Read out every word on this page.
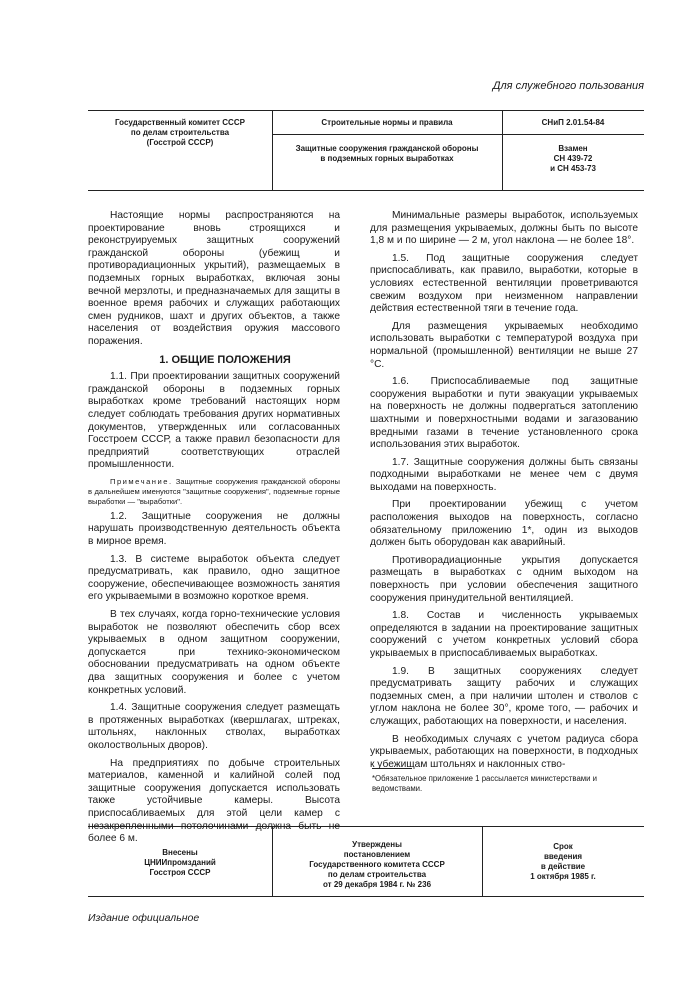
Для служебного пользования
Государственный комитет СССР
по делам строительства
(Госстрой СССР)
Строительные нормы и правила	СНиП 2.01.54-84
Защитные сооружения гражданской обороны
в подземных горных выработках
Взамен
СН 439-72
и СН 453-73

Настоящие нормы распространяются на проектирование вновь строящихся и реконструируемых защитных сооружений гражданской обороны (убежищ и противорадиационных укрытий), размещаемых в подземных горных выработках, включая зоны вечной мерзлоты, и предназначаемых для защиты в военное время рабочих и служащих работающих смен рудников, шахт и других объектов, а также населения от воздействия оружия массового поражения.

1. ОБЩИЕ ПОЛОЖЕНИЯ

1.1. При проектировании защитных сооружений гражданской обороны в подземных горных выработках кроме требований настоящих норм следует соблюдать требования других нормативных документов, утвержденных или согласованных Госстроем СССР, а также правил безопасности для предприятий соответствующих отраслей промышленности.

Примечание. Защитные сооружения гражданской обороны в дальнейшем именуются "защитные сооружения", подземные горные выработки — "выработки".

1.2. Защитные сооружения не должны нарушать производственную деятельность объекта в мирное время.

1.3. В системе выработок объекта следует предусматривать, как правило, одно защитное сооружение, обеспечивающее возможность занятия его укрываемыми в возможно короткое время.

В тех случаях, когда горно-технические условия выработок не позволяют обеспечить сбор всех укрываемых в одном защитном сооружении, допускается при технико-экономическом обосновании предусматривать на одном объекте два защитных сооружения и более с учетом конкретных условий.

1.4. Защитные сооружения следует размещать в протяженных выработках (квершлагах, штреках, штольнях, наклонных стволах, выработках околоствольных дворов).

На предприятиях по добыче строительных материалов, каменной и калийной солей под защитные сооружения допускается использовать также устойчивые камеры. Высота приспосабливаемых для этой цели камер с незакрепленными потолочинами должна быть не более 6 м.

Минимальные размеры выработок, используемых для размещения укрываемых, должны быть по высоте 1,8 м и по ширине — 2 м, угол наклона — не более 18°.

1.5. Под защитные сооружения следует приспосабливать, как правило, выработки, которые в условиях естественной вентиляции проветриваются свежим воздухом при неизменном направлении действия естественной тяги в течение года.

Для размещения укрываемых необходимо использовать выработки с температурой воздуха при нормальной (промышленной) вентиляции не выше 27 °С.

1.6. Приспосабливаемые под защитные сооружения выработки и пути эвакуации укрываемых на поверхность не должны подвергаться затоплению шахтными и поверхностными водами и загазованию вредными газами в течение установленного срока использования этих выработок.

1.7. Защитные сооружения должны быть связаны подходными выработками не менее чем с двумя выходами на поверхность.

При проектировании убежищ с учетом расположения выходов на поверхность, согласно обязательному приложению 1*, один из выходов должен быть оборудован как аварийный.

Противорадиационные укрытия допускается размещать в выработках с одним выходом на поверхность при условии обеспечения защитного сооружения принудительной вентиляцией.

1.8. Состав и численность укрываемых определяются в задании на проектирование защитных сооружений с учетом конкретных условий сбора укрываемых в приспосабливаемых выработках.

1.9. В защитных сооружениях следует предусматривать защиту рабочих и служащих подземных смен, а при наличии штолен и стволов с углом наклона не более 30°, кроме того, — рабочих и служащих, работающих на поверхности, и населения.

В необходимых случаях с учетом радиуса сбора укрываемых, работающих на поверхности, в подходных к убежищам штольнях и наклонных ство-

*Обязательное приложение 1 рассылается министерствами и ведомствами.
Внесены
ЦНИИпромзданий
Госстроя СССР
Утверждены
постановлением
Государственного комитета СССР
по делам строительства
от 29 декабря 1984 г. № 236
Срок
введения
в действие
1 октября 1985 г.
Издание официальное
